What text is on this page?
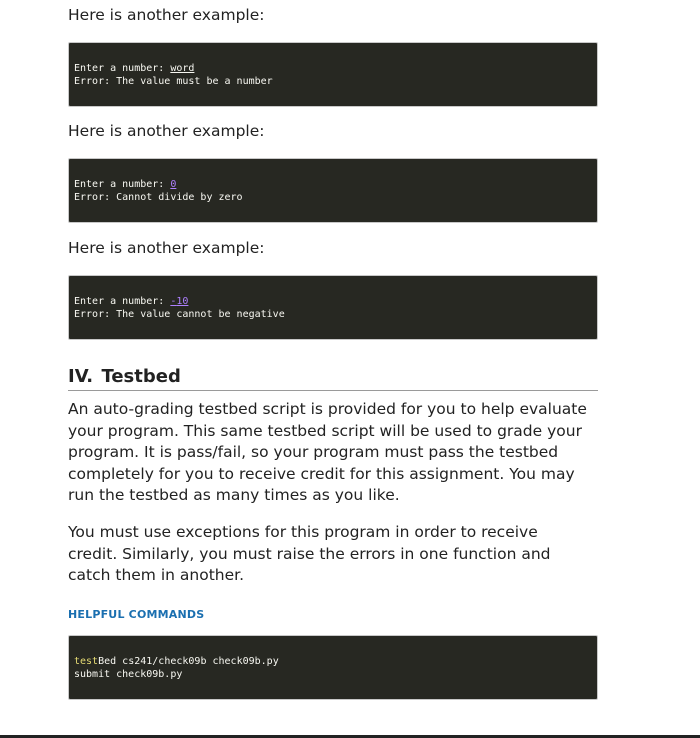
Here is another example:

Enter a number: word
Error: The value must be a number

Here is another example:

Enter a number: 0
Error: Cannot divide by zero

Here is another example:

Enter a number: -10
Error: The value cannot be negative
IV. Testbed

An auto-grading testbed script is provided for you to help evaluate your program. This same testbed script will be used to grade your program. It is pass/fail, so your program must pass the testbed completely for you to receive credit for this assignment. You may run the testbed as many times as you like.

You must use exceptions for this program in order to receive credit. Similarly, you must raise the errors in one function and catch them in another.

HELPFUL COMMANDS
testBed cs241/check09b check09b.py
submit check09b.py
